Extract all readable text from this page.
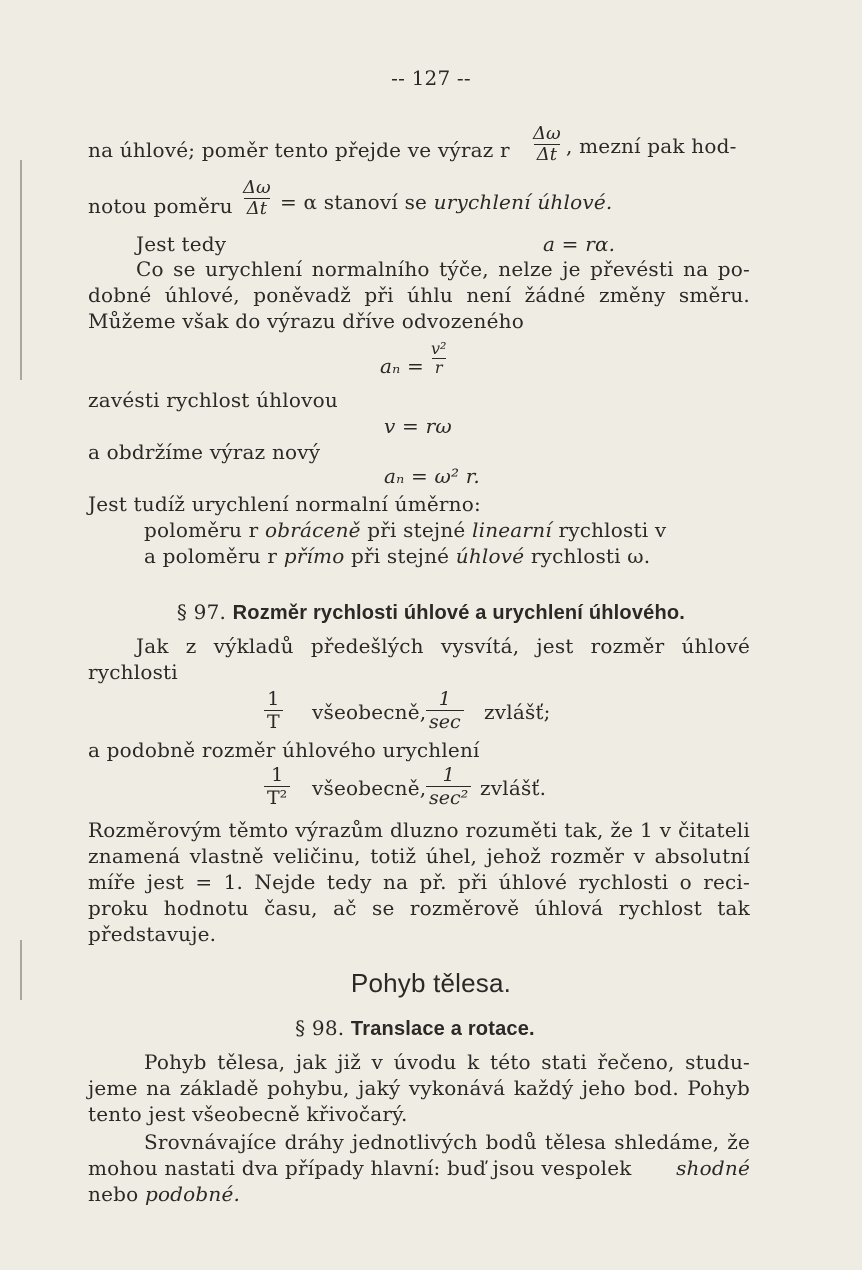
-- 127 --
na úhlové; poměr tento přejde ve výraz r $\frac{\Delta\omega}{\Delta t}$ , mezní pak hod-
notou poměru $\frac{\Delta\omega}{\Delta t} = \alpha$ stanoví se urychlení úhlové.
Jest tedy	a = rα.
Co se urychlení normalního týče, nelze je převésti na po-
dobné úhlové, poněvadž při úhlu není žádné změny směru.
Můžeme však do výrazu dříve odvozeného
$a_n = \frac{\text{v²}}{r}$
zavésti rychlost úhlovou
v = rω
a obdržíme výraz nový
aₙ = ω² r.
Jest tudíž urychlení normalní úměrno:
poloměru r obráceně při stejné linearní rychlosti v
a poloměru r přímo při stejné úhlové rychlosti ω.
§ 97. Rozměr rychlosti úhlové a urychlení úhlového.
Jak z výkladů předešlých vysvítá, jest rozměr úhlové
rychlosti
$\frac{1}{T}$ všeobecně,
1
sec zvlášť;
a podobně rozměr úhlového urychlení
$\frac{1}{\text{T²}}$ všeobecně,
1
sec² zvlášť.
Rozměrovým těmto výrazům dluzno rozuměti tak, že 1 v čitateli
znamená vlastně veličinu, totiž úhel, jehož rozměr v absolutní
míře jest = 1. Nejde tedy na př. při úhlové rychlosti o reci-
proku hodnotu času, ač se rozměrově úhlová rychlost tak
představuje.
Pohyb tělesa.
§ 98. Translace a rotace.
Pohyb tělesa, jak již v úvodu k této stati řečeno, studu-
jeme na základě pohybu, jaký vykonává každý jeho bod. Pohyb
tento jest všeobecně křivočarý.
Srovnávajíce dráhy jednotlivých bodů tělesa shledáme, že
mohou nastati dva případy hlavní: buď jsou vespolek shodné
nebo podobné.
